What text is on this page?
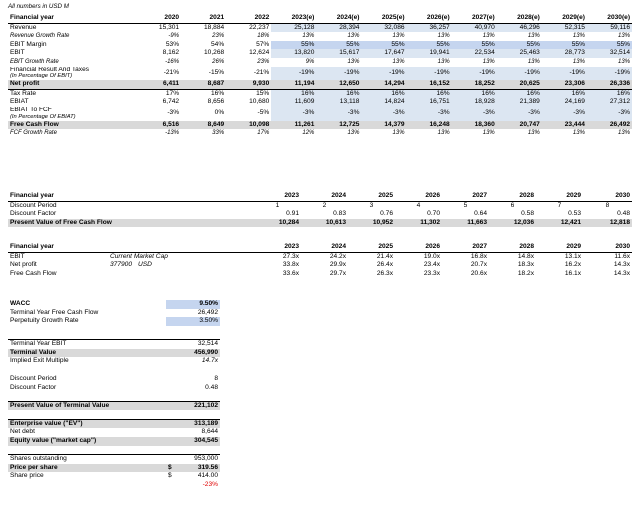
All numbers in USD M
Financial year	2020	2021	2022	2023(e)	2024(e)	2025(e)	2026(e)	2027(e)	2028(e)	2029(e)	2030(e)
Revenue	15,301	18,884	22,237	25,128	28,394	32,086	36,257	40,970	46,296	52,315	59,116
Revenue Growth Rate	-9%	23%	18%	13%	13%	13%	13%	13%	13%	13%	13%
EBIT Margin	53%	54%	57%	55%	55%	55%	55%	55%	55%	55%	55%
EBIT	8,162	10,268	12,624	13,820	15,617	17,647	19,941	22,534	25,463	28,773	32,514
EBIT Growth Rate	-16%	26%	23%	9%	13%	13%	13%	13%	13%	13%	13%

Financial Result And Taxes
(In Percentage Of EBIT)	-21%	-15%	-21%	-19%	-19%	-19%	-19%	-19%	-19%	-19%	-19%
Net profit	6,411	8,687	9,930	11,194	12,650	14,294	16,152	18,252	20,625	23,306	26,336
Tax Rate	17%	16%	15%	16%	16%	16%	16%	16%	16%	16%	16%
EBIAT	6,742	8,656	10,680	11,609	13,118	14,824	16,751	18,928	21,389	24,169	27,312

EBIAT To FCF
(In Percentage Of EBIAT)	-3%	0%	-5%	-3%	-3%	-3%	-3%	-3%	-3%	-3%	-3%
Free Cash Flow	6,516	8,649	10,098	11,261	12,725	14,379	16,248	18,360	20,747	23,444	26,492
FCF Growth Rate	-13%	33%	17%	12%	13%	13%	13%	13%	13%	13%	13%
Financial year	2023	2024	2025	2026	2027	2028	2029	2030
Discount Period	1	2	3	4	5	6	7	8
Discount Factor	0.91	0.83	0.76	0.70	0.64	0.58	0.53	0.48
Present Value of Free Cash Flow	10,284	10,613	10,952	11,302	11,663	12,036	12,421	12,818
Financial year		2023	2024	2025	2026	2027	2028	2029	2030
EBIT	Current Market Cap	27.3x	24.2x	21.4x	19.0x	16.8x	14.8x	13.1x	11.6x
Net profit	377900 USD	33.8x	29.9x	26.4x	23.4x	20.7x	18.3x	16.2x	14.3x
Free Cash Flow		33.6x	29.7x	26.3x	23.3x	20.6x	18.2x	16.1x	14.3x
WACC	9.50%	
Terminal Year Free Cash Flow	26,492	
Perpetuity Growth Rate	3.50%	

Terminal Year EBIT	32,514	
Terminal Value	456,990	
Implied Exit Multiple	14.7x	

Discount Period	8	
Discount Factor	0.48	

Present Value of Terminal Value	221,102	

Enterprise value ("EV")	313,189	
Net debt	8,644	
Equity value ("market cap")	304,545	

Shares outstanding	953,000	
Price per share	$	319.56
Share price	$	414.00
		-23%
